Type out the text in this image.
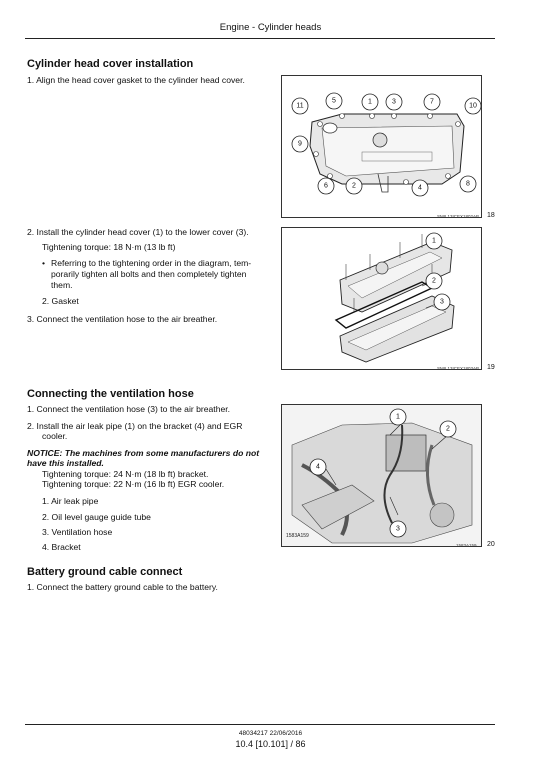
Engine - Cylinder heads
Cylinder head cover installation
1. Align the head cover gasket to the cylinder head cover.
11
5	1	3	7
10
9
6	2	4
8
SMIL13ICEX1802AB 18
2. Install the cylinder head cover (1) to the lower cover (3).
Tightening torque: 18 N·m (13 lb ft)
• Referring to the tightening order in the diagram, tem-
porarily tighten all bolts and then completely tighten
them.
2. Gasket
3. Connect the ventilation hose to the air breather.
1
2
3
SMIL13ICEX1803AB 19
Connecting the ventilation hose
1. Connect the ventilation hose (3) to the air breather.
2. Install the air leak pipe (1) on the bracket (4) and EGR
cooler.
NOTICE: The machines from some manufacturers do not
have this installed.
Tightening torque: 24 N·m (18 lb ft) bracket.
Tightening torque: 22 N·m (16 lb ft) EGR cooler.
1. Air leak pipe
2. Oil level gauge guide tube
3. Ventilation hose
4. Bracket
1
2
3
4
1583A159
1583A159 20
Battery ground cable connect
1. Connect the battery ground cable to the battery.
48034217 22/06/2016
10.4 [10.101] / 86
